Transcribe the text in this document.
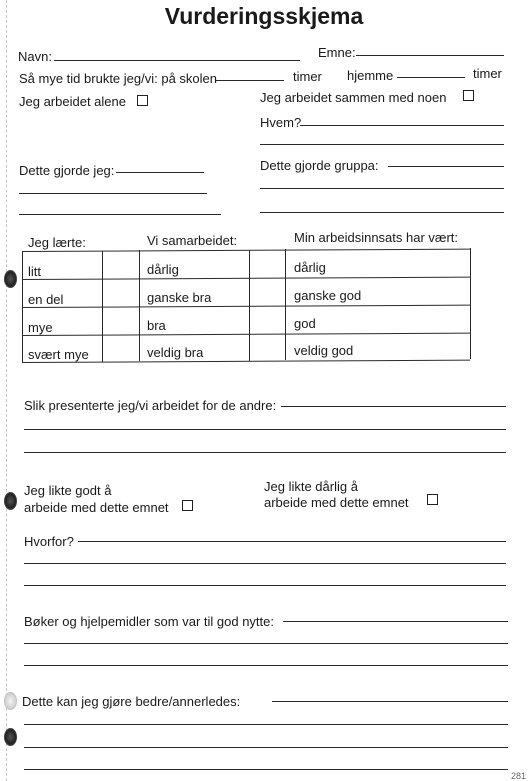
Vurderingsskjema
Navn:	Emne:
Så mye tid brukte jeg/vi: på skolen	timer hjemme	timer
Jeg arbeidet alene	Jeg arbeidet sammen med noen
Hvem?
Dette gjorde jeg:	Dette gjorde gruppa:
Jeg lærte:	Vi samarbeidet:	Min arbeidsinnsats har vært:
litt	dårlig	dårlig
en del	ganske bra	ganske god
mye	bra	god
svært mye	veldig bra	veldig god
Slik presenterte jeg/vi arbeidet for de andre:
Jeg likte godt å
arbeide med dette emnet
Jeg likte dårlig å
arbeide med dette emnet
Hvorfor?
Bøker og hjelpemidler som var til god nytte:
Dette kan jeg gjøre bedre/annerledes:
281
